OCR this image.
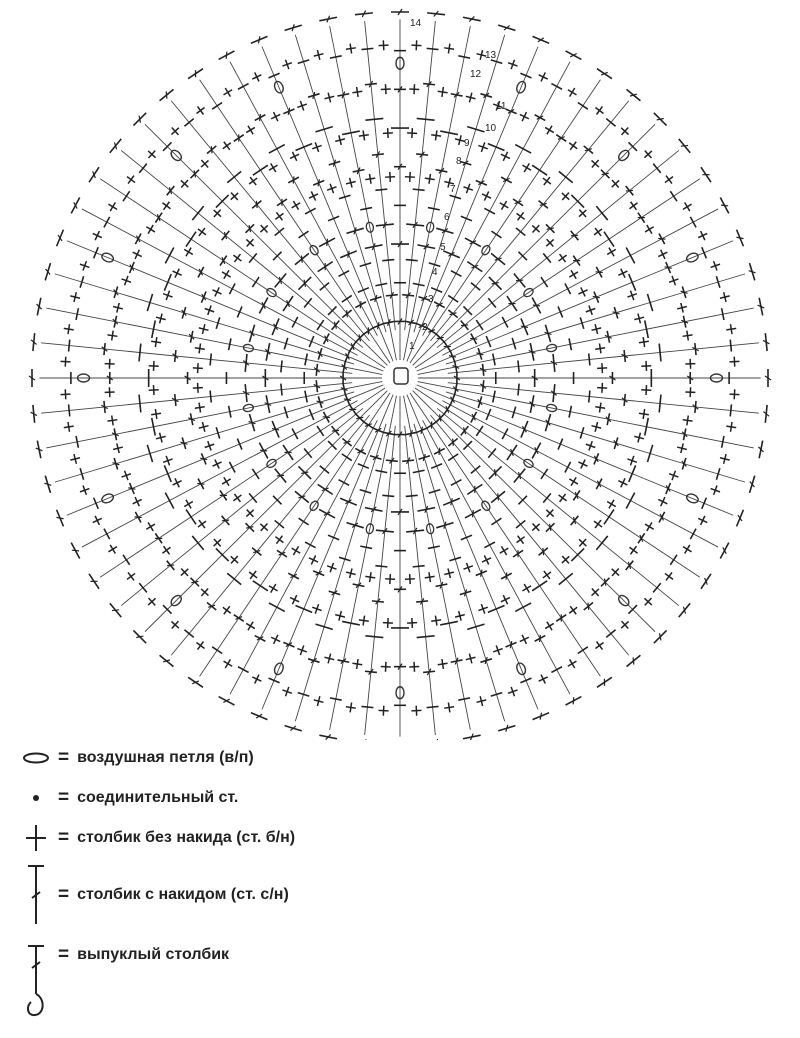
1
2
3
4
5
6
7
8
9
10
11
12
13
14
= воздушная петля (в/п)
= соединительный ст.
= столбик без накида (ст. б/н)
= столбик с накидом (ст. с/н)
= выпуклый столбик
